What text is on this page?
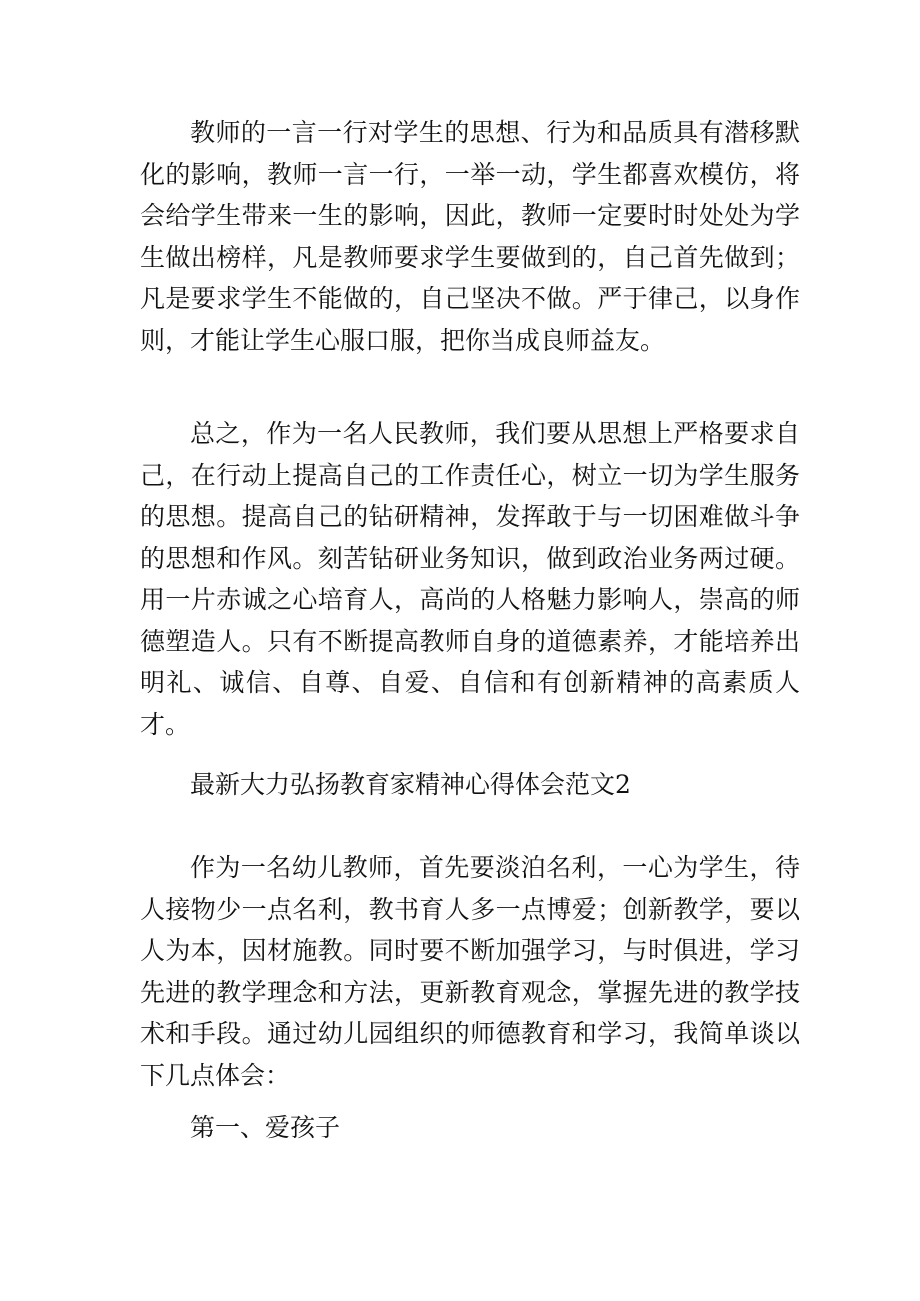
教师的一言一行对学生的思想、行为和品质具有潜移默化的影响，教师一言一行，一举一动，学生都喜欢模仿，将会给学生带来一生的影响，因此，教师一定要时时处处为学生做出榜样，凡是教师要求学生要做到的，自己首先做到；凡是要求学生不能做的，自己坚决不做。严于律己，以身作则，才能让学生心服口服，把你当成良师益友。

总之，作为一名人民教师，我们要从思想上严格要求自己，在行动上提高自己的工作责任心，树立一切为学生服务的思想。提高自己的钻研精神，发挥敢于与一切困难做斗争的思想和作风。刻苦钻研业务知识，做到政治业务两过硬。用一片赤诚之心培育人，高尚的人格魅力影响人，崇高的师德塑造人。只有不断提高教师自身的道德素养，才能培养出明礼、诚信、自尊、自爱、自信和有创新精神的高素质人才。

最新大力弘扬教育家精神心得体会范文2

作为一名幼儿教师，首先要淡泊名利，一心为学生，待人接物少一点名利，教书育人多一点博爱；创新教学，要以人为本，因材施教。同时要不断加强学习，与时俱进，学习先进的教学理念和方法，更新教育观念，掌握先进的教学技术和手段。通过幼儿园组织的师德教育和学习，我简单谈以下几点体会：

第一、爱孩子
